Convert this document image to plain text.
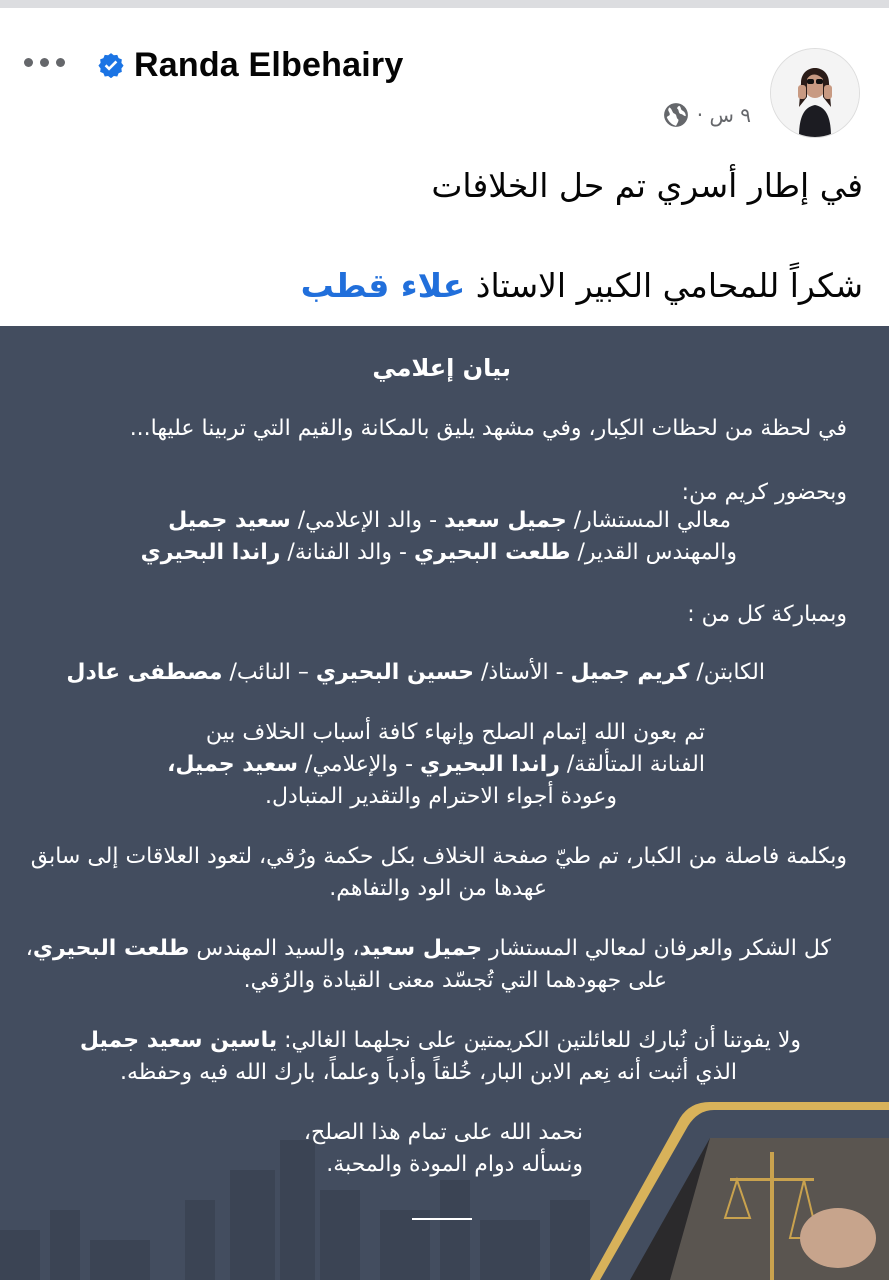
Randa Elbehairy
٩ س ·
في إطار أسري تم حل الخلافات
شكراً للمحامي الكبير الاستاذ علاء قطب
بيان إعلامي
في لحظة من لحظات الكِبار، وفي مشهد يليق بالمكانة والقيم التي تربينا عليها...
وبحضور كريم من:
معالي المستشار/ جميل سعيد - والد الإعلامي/ سعيد جميل
والمهندس القدير/ طلعت البحيري - والد الفنانة/ راندا البحيري
وبمباركة كل من :
الكابتن/ كريم جميل - الأستاذ/ حسين البحيري – النائب/ مصطفى عادل
تم بعون الله إتمام الصلح وإنهاء كافة أسباب الخلاف بين
الفنانة المتألقة/ راندا البحيري - والإعلامي/ سعيد جميل،
وعودة أجواء الاحترام والتقدير المتبادل.
وبكلمة فاصلة من الكبار، تم طيّ صفحة الخلاف بكل حكمة ورُقي، لتعود العلاقات إلى سابق
عهدها من الود والتفاهم.
كل الشكر والعرفان لمعالي المستشار جميل سعيد، والسيد المهندس طلعت البحيري،
على جهودهما التي تُجسّد معنى القيادة والرُقي.
ولا يفوتنا أن نُبارك للعائلتين الكريمتين على نجلهما الغالي: ياسين سعيد جميل
الذي أثبت أنه نِعم الابن البار، خُلقاً وأدباً وعلماً، بارك الله فيه وحفظه.
نحمد الله على تمام هذا الصلح،
ونسأله دوام المودة والمحبة.
